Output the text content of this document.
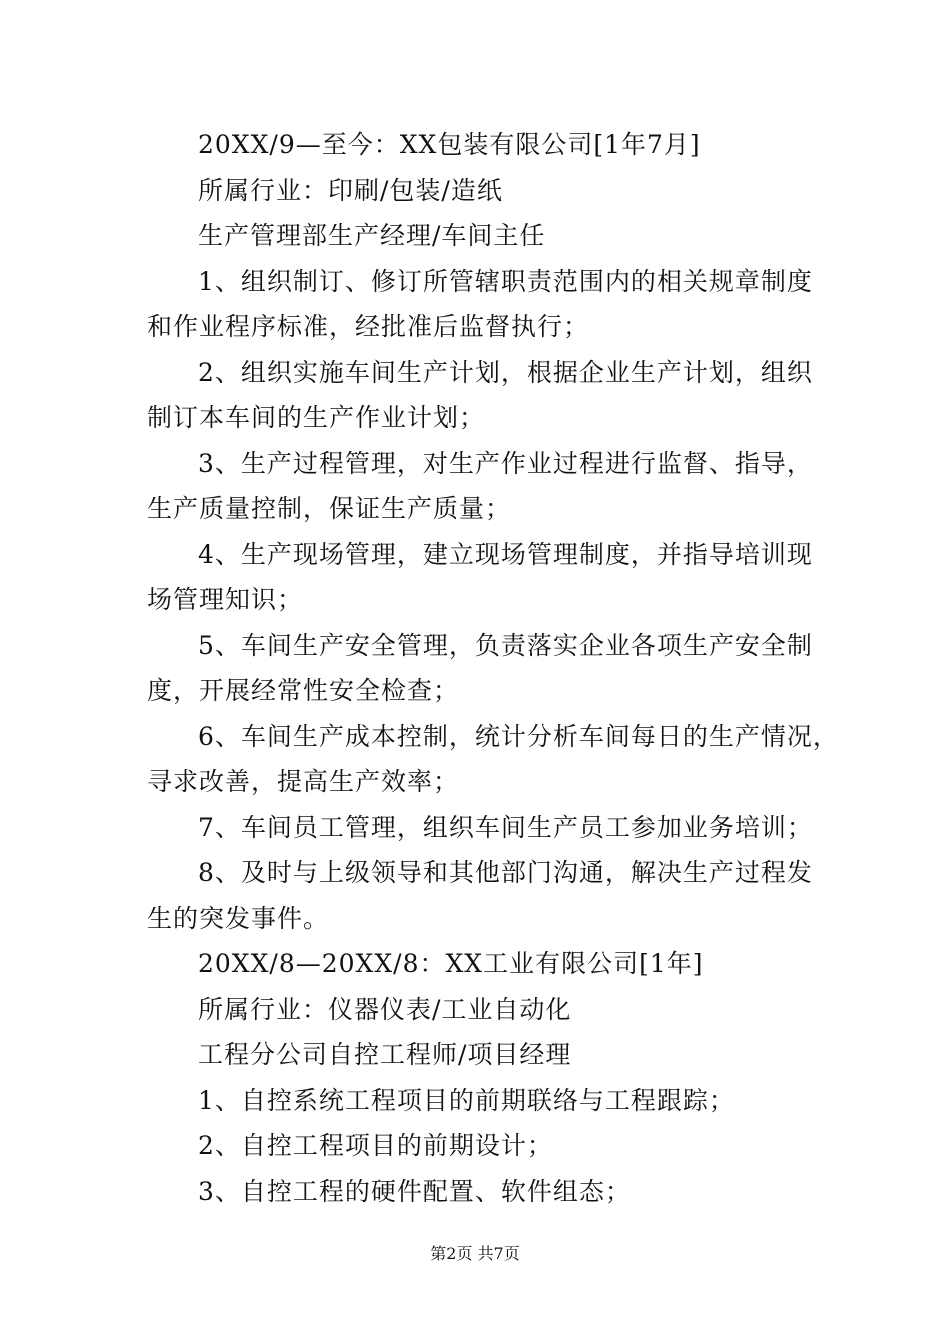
20XX/9—至今：XX包装有限公司[1年7月]

所属行业：印刷/包装/造纸

生产管理部生产经理/车间主任

1、组织制订、修订所管辖职责范围内的相关规章制度

和作业程序标准，经批准后监督执行；

2、组织实施车间生产计划，根据企业生产计划，组织

制订本车间的生产作业计划；

3、生产过程管理，对生产作业过程进行监督、指导，

生产质量控制，保证生产质量；

4、生产现场管理，建立现场管理制度，并指导培训现

场管理知识；

5、车间生产安全管理，负责落实企业各项生产安全制

度，开展经常性安全检查；

6、车间生产成本控制，统计分析车间每日的生产情况，

寻求改善，提高生产效率；

7、车间员工管理，组织车间生产员工参加业务培训；

8、及时与上级领导和其他部门沟通，解决生产过程发

生的突发事件。

20XX/8—20XX/8：XX工业有限公司[1年]

所属行业：仪器仪表/工业自动化

工程分公司自控工程师/项目经理

1、自控系统工程项目的前期联络与工程跟踪；

2、自控工程项目的前期设计；

3、自控工程的硬件配置、软件组态；

第2页 共7页
